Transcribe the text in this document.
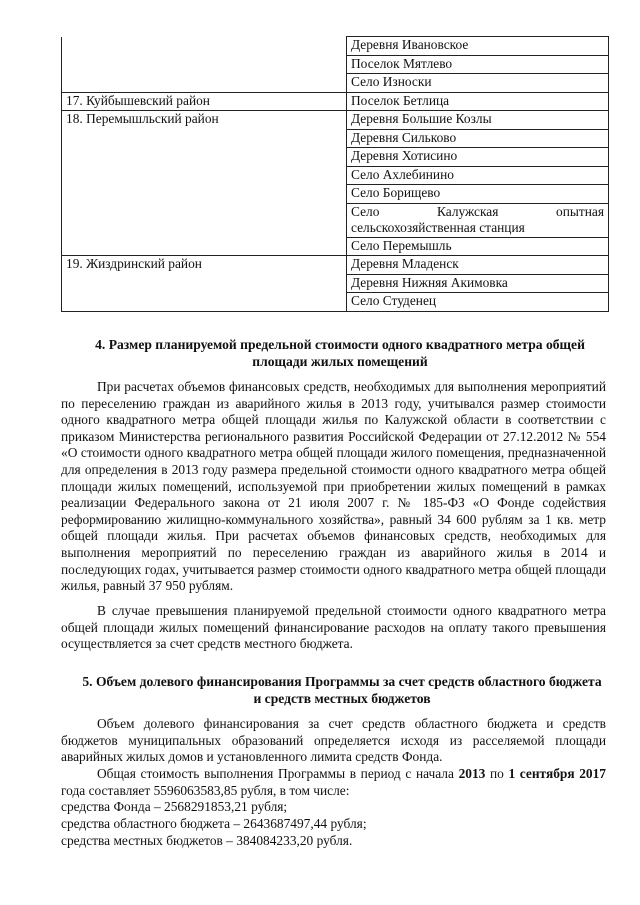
	Деревня Ивановское
	Поселок Мятлево
	Село Износки
17. Куйбышевский район	Поселок Бетлица
18. Перемышльский район	Деревня Большие Козлы
	Деревня Сильково
	Деревня Хотисино
	Село Ахлебинино
	Село Борищево

	Село Калужская опытная
сельскохозяйственная станция

	Село Перемышль
19. Жиздринский район	Деревня Младенск
	Деревня Нижняя Акимовка
	Село Студенец
4. Размер планируемой предельной стоимости одного квадратного метра общей
площади жилых помещений

При расчетах объемов финансовых средств, необходимых для выполнения мероприятий по переселению граждан из аварийного жилья в 2013 году, учитывался размер стоимости одного квадратного метра общей площади жилья по Калужской области в соответствии с приказом Министерства регионального развития Российской Федерации от 27.12.2012 № 554 «О стоимости одного квадратного метра общей площади жилого помещения, предназначенной для определения в 2013 году размера предельной стоимости одного квадратного метра общей площади жилых помещений, используемой при приобретении жилых помещений в рамках реализации Федерального закона от 21 июля 2007 г. № 185-ФЗ «О Фонде содействия реформированию жилищно-коммунального хозяйства», равный 34 600 рублям за 1 кв. метр общей площади жилья. При расчетах объемов финансовых средств, необходимых для выполнения мероприятий по переселению граждан из аварийного жилья в 2014 и последующих годах, учитывается размер стоимости одного квадратного метра общей площади жилья, равный 37 950 рублям.

В случае превышения планируемой предельной стоимости одного квадратного метра общей площади жилых помещений финансирование расходов на оплату такого превышения осуществляется за счет средств местного бюджета.

5. Объем долевого финансирования Программы за счет средств областного бюджета
и средств местных бюджетов

Объем долевого финансирования за счет средств областного бюджета и средств бюджетов муниципальных образований определяется исходя из расселяемой площади аварийных жилых домов и установленного лимита средств Фонда.

Общая стоимость выполнения Программы в период с начала 2013 по 1 сентября 2017 года составляет 5596063583,85 рубля, в том числе:

средства Фонда – 2568291853,21 рубля;

средства областного бюджета – 2643687497,44 рубля;

средства местных бюджетов – 384084233,20 рубля.
